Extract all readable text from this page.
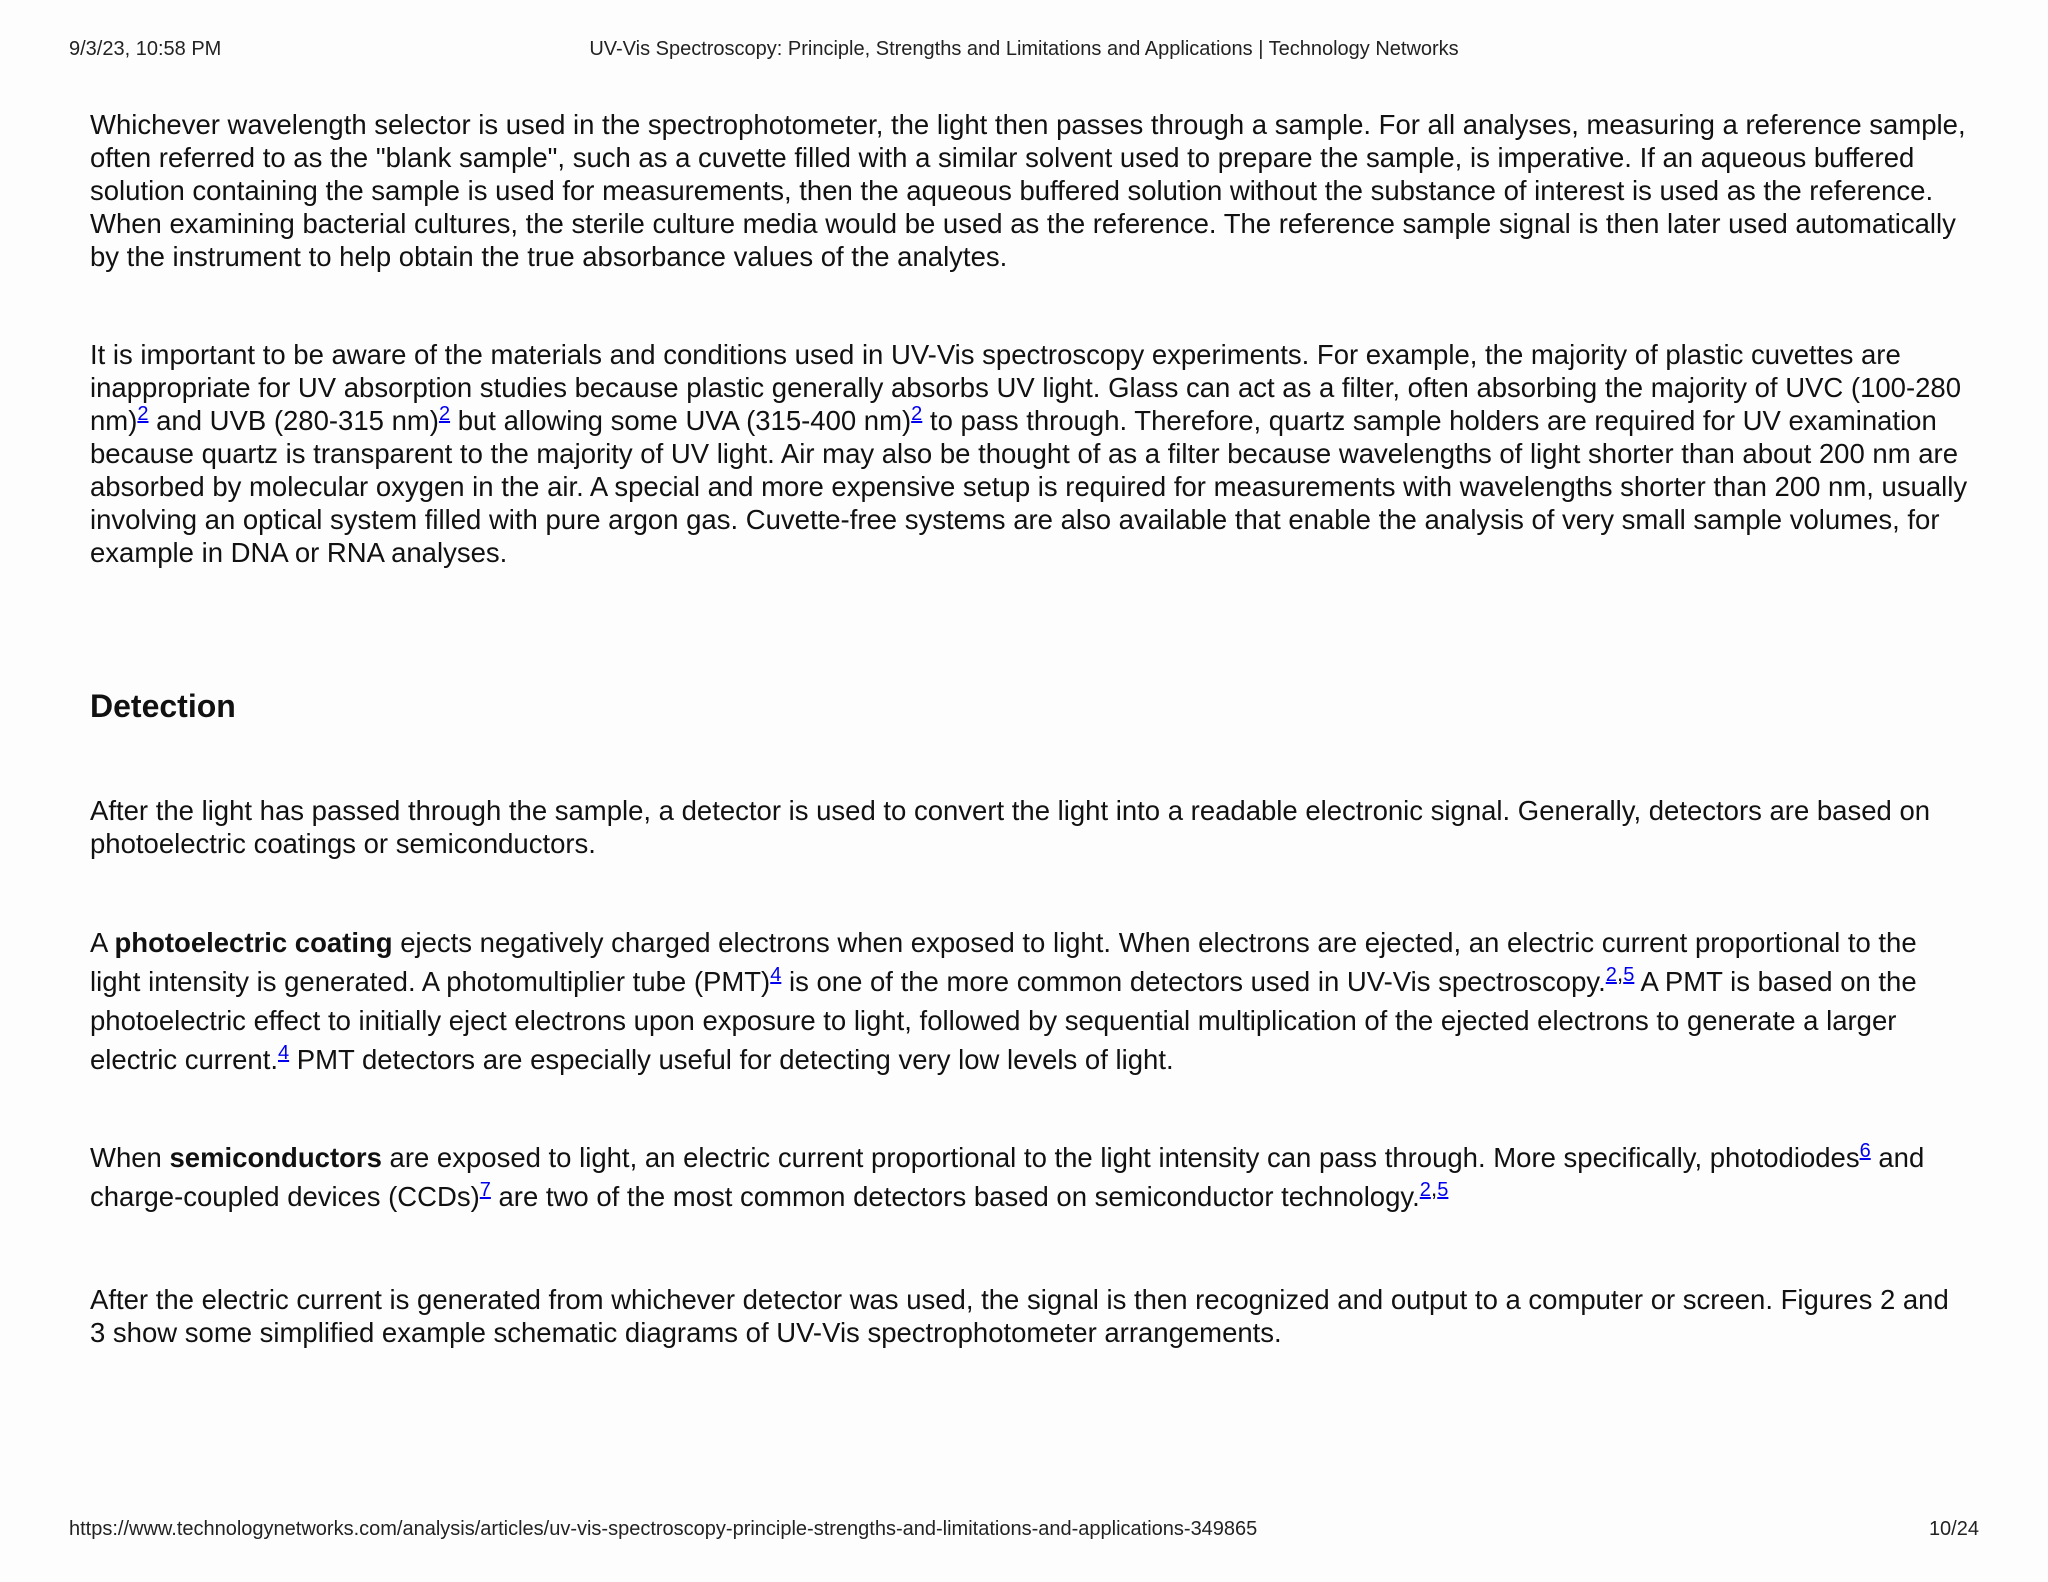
9/3/23, 10:58 PM	UV-Vis Spectroscopy: Principle, Strengths and Limitations and Applications | Technology Networks

Whichever wavelength selector is used in the spectrophotometer, the light then passes through a sample. For all analyses, measuring a reference sample, often referred to as the "blank sample", such as a cuvette filled with a similar solvent used to prepare the sample, is imperative. If an aqueous buffered solution containing the sample is used for measurements, then the aqueous buffered solution without the substance of interest is used as the reference. When examining bacterial cultures, the sterile culture media would be used as the reference. The reference sample signal is then later used automatically by the instrument to help obtain the true absorbance values of the analytes.

It is important to be aware of the materials and conditions used in UV-Vis spectroscopy experiments. For example, the majority of plastic cuvettes are inappropriate for UV absorption studies because plastic generally absorbs UV light. Glass can act as a filter, often absorbing the majority of UVC (100-280 nm)$^2$ and UVB (280-315 nm)$^2$ but allowing some UVA (315-400 nm)$^2$ to pass through. Therefore, quartz sample holders are required for UV examination because quartz is transparent to the majority of UV light. Air may also be thought of as a filter because wavelengths of light shorter than about 200 nm are absorbed by molecular oxygen in the air. A special and more expensive setup is required for measurements with wavelengths shorter than 200 nm, usually involving an optical system filled with pure argon gas. Cuvette-free systems are also available that enable the analysis of very small sample volumes, for example in DNA or RNA analyses.

Detection

After the light has passed through the sample, a detector is used to convert the light into a readable electronic signal. Generally, detectors are based on photoelectric coatings or semiconductors.

A photoelectric coating ejects negatively charged electrons when exposed to light. When electrons are ejected, an electric current proportional to the light intensity is generated. A photomultiplier tube (PMT)$^4$ is one of the more common detectors used in UV-Vis spectroscopy.$^{2,5}$ A PMT is based on the photoelectric effect to initially eject electrons upon exposure to light, followed by sequential multiplication of the ejected electrons to generate a larger electric current.$^4$ PMT detectors are especially useful for detecting very low levels of light.

When semiconductors are exposed to light, an electric current proportional to the light intensity can pass through. More specifically, photodiodes$^6$ and charge-coupled devices (CCDs)$^7$ are two of the most common detectors based on semiconductor technology.$^{2,5}$

After the electric current is generated from whichever detector was used, the signal is then recognized and output to a computer or screen. Figures 2 and 3 show some simplified example schematic diagrams of UV-Vis spectrophotometer arrangements.

https://www.technologynetworks.com/analysis/articles/uv-vis-spectroscopy-principle-strengths-and-limitations-and-applications-349865	10/24
